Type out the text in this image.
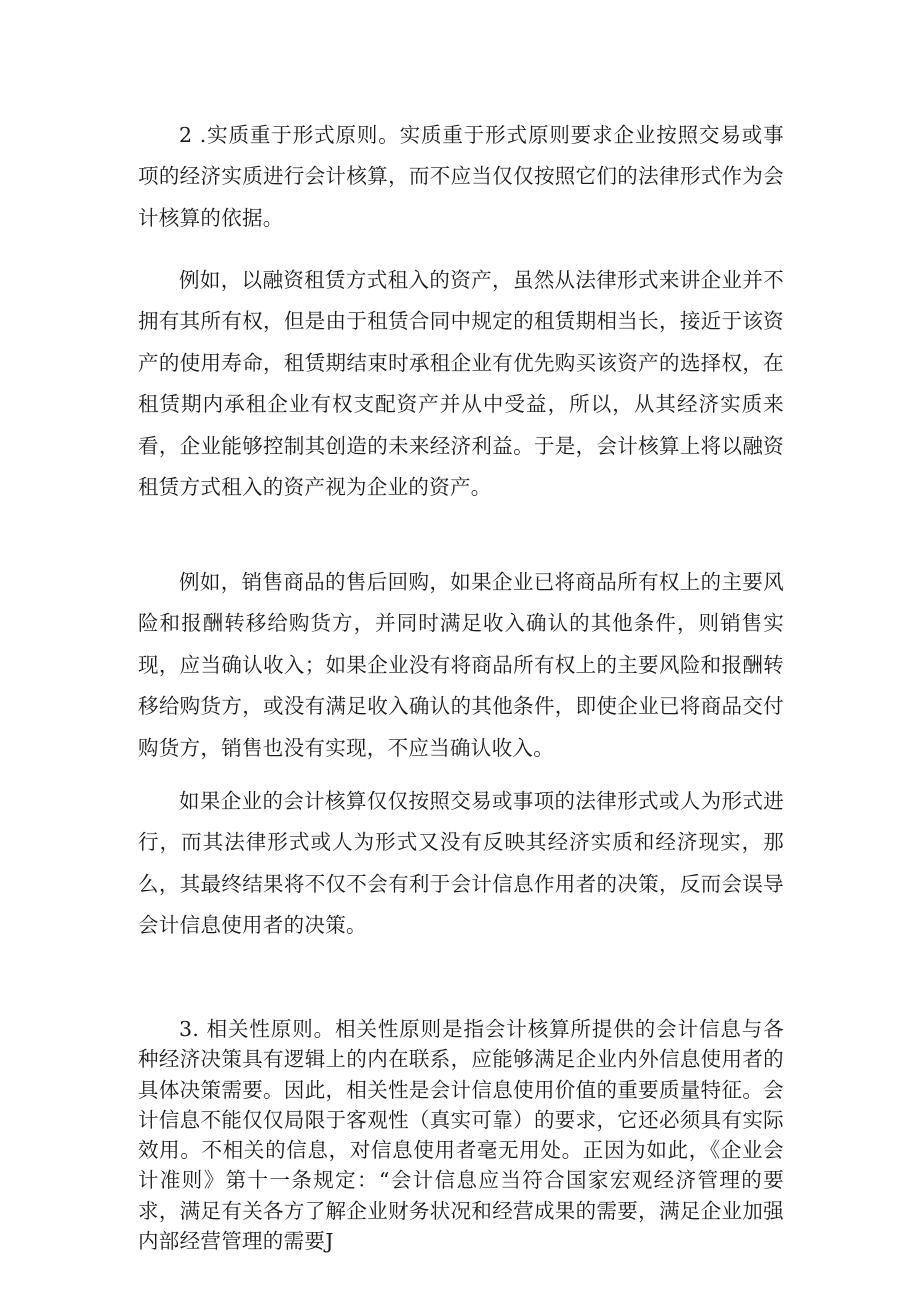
2 .实质重于形式原则。实质重于形式原则要求企业按照交易或事项的经济实质进行会计核算，而不应当仅仅按照它们的法律形式作为会计核算的依据。

例如，以融资租赁方式租入的资产，虽然从法律形式来讲企业并不拥有其所有权，但是由于租赁合同中规定的租赁期相当长，接近于该资产的使用寿命，租赁期结束时承租企业有优先购买该资产的选择权，在租赁期内承租企业有权支配资产并从中受益，所以，从其经济实质来看，企业能够控制其创造的未来经济利益。于是，会计核算上将以融资租赁方式租入的资产视为企业的资产。

例如，销售商品的售后回购，如果企业已将商品所有权上的主要风险和报酬转移给购货方，并同时满足收入确认的其他条件，则销售实现，应当确认收入；如果企业没有将商品所有权上的主要风险和报酬转移给购货方，或没有满足收入确认的其他条件，即使企业已将商品交付购货方，销售也没有实现，不应当确认收入。

如果企业的会计核算仅仅按照交易或事项的法律形式或人为形式进行，而其法律形式或人为形式又没有反映其经济实质和经济现实，那么，其最终结果将不仅不会有利于会计信息作用者的决策，反而会误导会计信息使用者的决策。

3. 相关性原则。相关性原则是指会计核算所提供的会计信息与各种经济决策具有逻辑上的内在联系，应能够满足企业内外信息使用者的具体决策需要。因此，相关性是会计信息使用价值的重要质量特征。会计信息不能仅仅局限于客观性（真实可靠）的要求，它还必须具有实际效用。不相关的信息，对信息使用者毫无用处。正因为如此，《企业会计准则》第十一条规定：“会计信息应当符合国家宏观经济管理的要求，满足有关各方了解企业财务状况和经营成果的需要，满足企业加强内部经营管理的需要J
